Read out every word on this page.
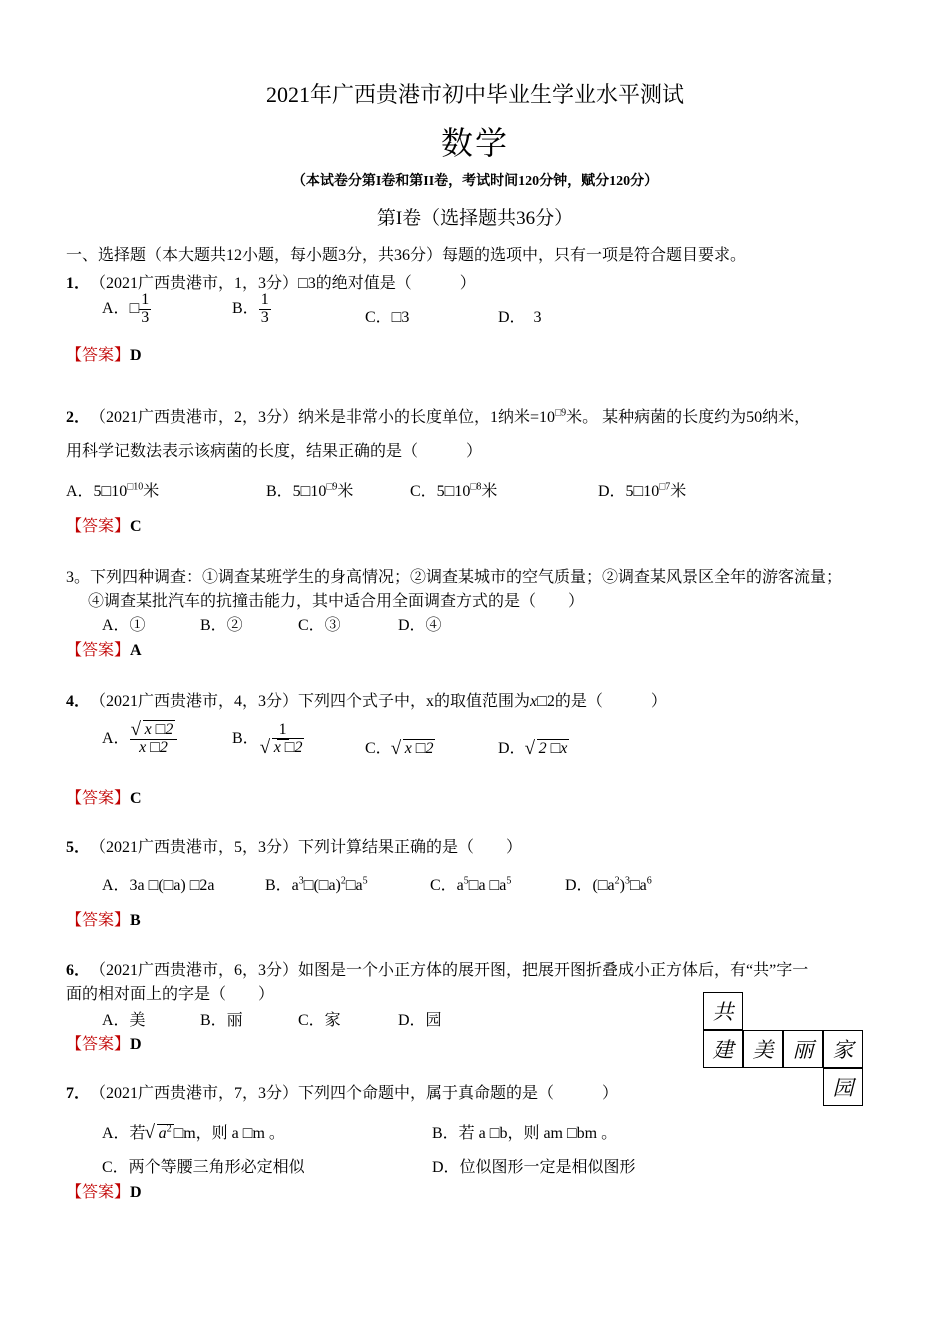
2021年广西贵港市初中毕业生学业水平测试
数学
（本试卷分第I卷和第II卷，考试时间120分钟，赋分120分）
第I卷（选择题共36分）
一、选择题（本大题共12小题，每小题3分，共36分）每题的选项中，只有一项是符合题目要求。
1．　 （2021广西贵港市，1，3分）□3的绝对值是（　　　）
A．□ $\frac{1}{3}$	B． $\frac{1}{3}$	C．□3	D．　3
【答案】D
2．　 （2021广西贵港市，2，3分）纳米是非常小的长度单位，1纳米$=10^{□9}$米。 某种病菌的长度约为50纳米，
用科学记数法表示该病菌的长度，结果正确的是（　　　）
A．$5□10^{□10}$米	B．$5□10^{□9}$米	C．$5□10^{□8}$米	D．$5□10^{□7}$米
【答案】C
3。下列四种调查：①调查某班学生的身高情况；②调查某城市的空气质量；②调查某风景区全年的游客流量；
④调查某批汽车的抗撞击能力，其中适合用全面调查方式的是（　　）
A．①	B．②	C．③	D．④
【答案】A
4．　 （2021广西贵港市，4，3分）下列四个式子中，x的取值范围为x□2的是（　　　）
A． √ $\frac{x □2}{x □2}$	B． 1
√ x □2	C． √ x □2	D． √ 2 □x
【答案】C
5．　 （2021广西贵港市，5，3分）下列计算结果正确的是（　　）
A．3a □(□a) □2a	B．$a^3□(□a)^2□a^5$	C．$a^5□a$ $□a^5$	D．$(□a^2)^3□a^6$
【答案】B
6．　 （2021广西贵港市，6，3分）如图是一个小正方体的展开图，把展开图折叠成小正方体后，有“共”字一
面的相对面上的字是（　　）
A．美	B．丽	C．家	D．园
【答案】D
共
建 美 丽 家
园
7．　 （2021广西贵港市，7，3分）下列四个命题中，属于真命题的是（　　　）
A．若 √ $a^2$ □m，则 a □m 。	B．若 a □b，则 am □bm 。
C．两个等腰三角形必定相似	D．位似图形一定是相似图形
【答案】D
